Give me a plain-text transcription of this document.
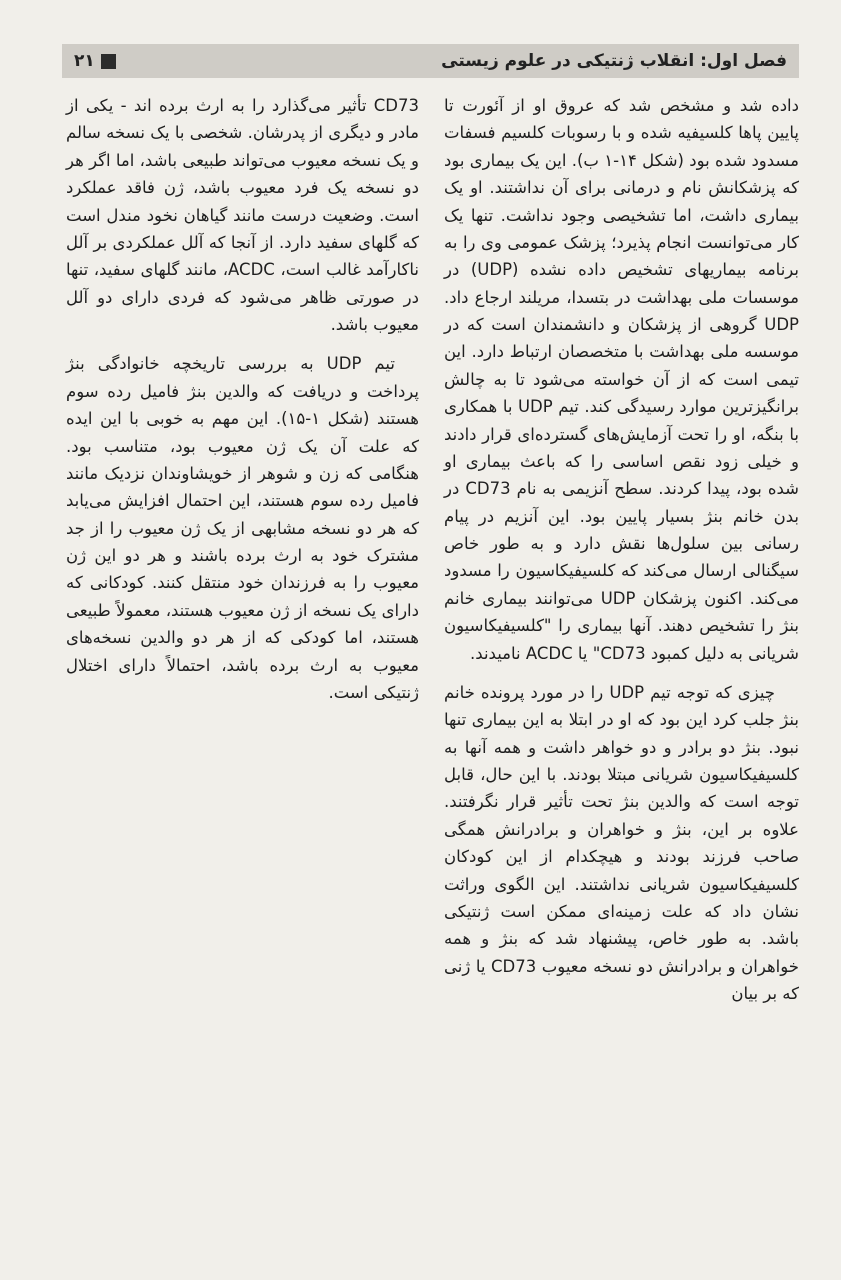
۲۱	فصل اول: انقلاب ژنتیکی در علوم زیستی

داده شد و مشخص شد که عروق او از آئورت تا پایین پاها کلسیفیه شده و با رسوبات کلسیم فسفات مسدود شده بود (شکل ۱۴-۱ ب). این یک بیماری بود که پزشکانش نام و درمانی برای آن نداشتند. او یک بیماری داشت، اما تشخیصی وجود نداشت. تنها یک کار می‌توانست انجام پذیرد؛ پزشک عمومی وی را به برنامه بیماریهای تشخیص داده نشده (UDP) در موسسات ملی بهداشت در بتسدا، مریلند ارجاع داد. UDP گروهی از پزشکان و دانشمندان است که در موسسه ملی بهداشت با متخصصان ارتباط دارد. این تیمی است که از آن خواسته می‌شود تا به چالش برانگیزترین موارد رسیدگی کند. تیم UDP با همکاری با بنگه، او را تحت آزمایش‌های گسترده‌ای قرار دادند و خیلی زود نقص اساسی را که باعث بیماری او شده بود، پیدا کردند. سطح آنزیمی به نام CD73 در بدن خانم بنژ بسیار پایین بود. این آنزیم در پیام رسانی بین سلول‌ها نقش دارد و به طور خاص سیگنالی ارسال می‌کند که کلسیفیکاسیون را مسدود می‌کند. اکنون پزشکان UDP می‌توانند بیماری خانم بنژ را تشخیص دهند. آنها بیماری را "کلسیفیکاسیون شریانی به دلیل کمبود CD73" یا ACDC نامیدند.

چیزی که توجه تیم UDP را در مورد پرونده خانم بنژ جلب کرد این بود که او در ابتلا به این بیماری تنها نبود. بنژ دو برادر و دو خواهر داشت و همه آنها به کلسیفیکاسیون شریانی مبتلا بودند. با این حال، قابل توجه است که والدین بنژ تحت تأثیر قرار نگرفتند. علاوه بر این، بنژ و خواهران و برادرانش همگی صاحب فرزند بودند و هیچکدام از این کودکان کلسیفیکاسیون شریانی نداشتند. این الگوی وراثت نشان داد که علت زمینه‌ای ممکن است ژنتیکی باشد. به طور خاص، پیشنهاد شد که بنژ و همه خواهران و برادرانش دو نسخه معیوب CD73 یا ژنی که بر بیان

CD73 تأثیر می‌گذارد را به ارث برده اند - یکی از مادر و دیگری از پدرشان. شخصی با یک نسخه سالم و یک نسخه معیوب می‌تواند طبیعی باشد، اما اگر هر دو نسخه یک فرد معیوب باشد، ژن فاقد عملکرد است. وضعیت درست مانند گیاهان نخود مندل است که گلهای سفید دارد. از آنجا که آلل عملکردی بر آلل ناکارآمد غالب است، ACDC، مانند گلهای سفید، تنها در صورتی ظاهر می‌شود که فردی دارای دو آلل معیوب باشد.

تیم UDP به بررسی تاریخچه خانوادگی بنژ پرداخت و دریافت که والدین بنژ فامیل رده سوم هستند (شکل ۱-۱۵). این مهم به خوبی با این ایده که علت آن یک ژن معیوب بود، متناسب بود. هنگامی که زن و شوهر از خویشاوندان نزدیک مانند فامیل رده سوم هستند، این احتمال افزایش می‌یابد که هر دو نسخه مشابهی از یک ژن معیوب را از جد مشترک خود به ارث برده باشند و هر دو این ژن معیوب را به فرزندان خود منتقل کنند. کودکانی که دارای یک نسخه از ژن معیوب هستند، معمولاً طبیعی هستند، اما کودکی که از هر دو والدین نسخه‌های معیوب به ارث برده باشد، احتمالاً دارای اختلال ژنتیکی است.
